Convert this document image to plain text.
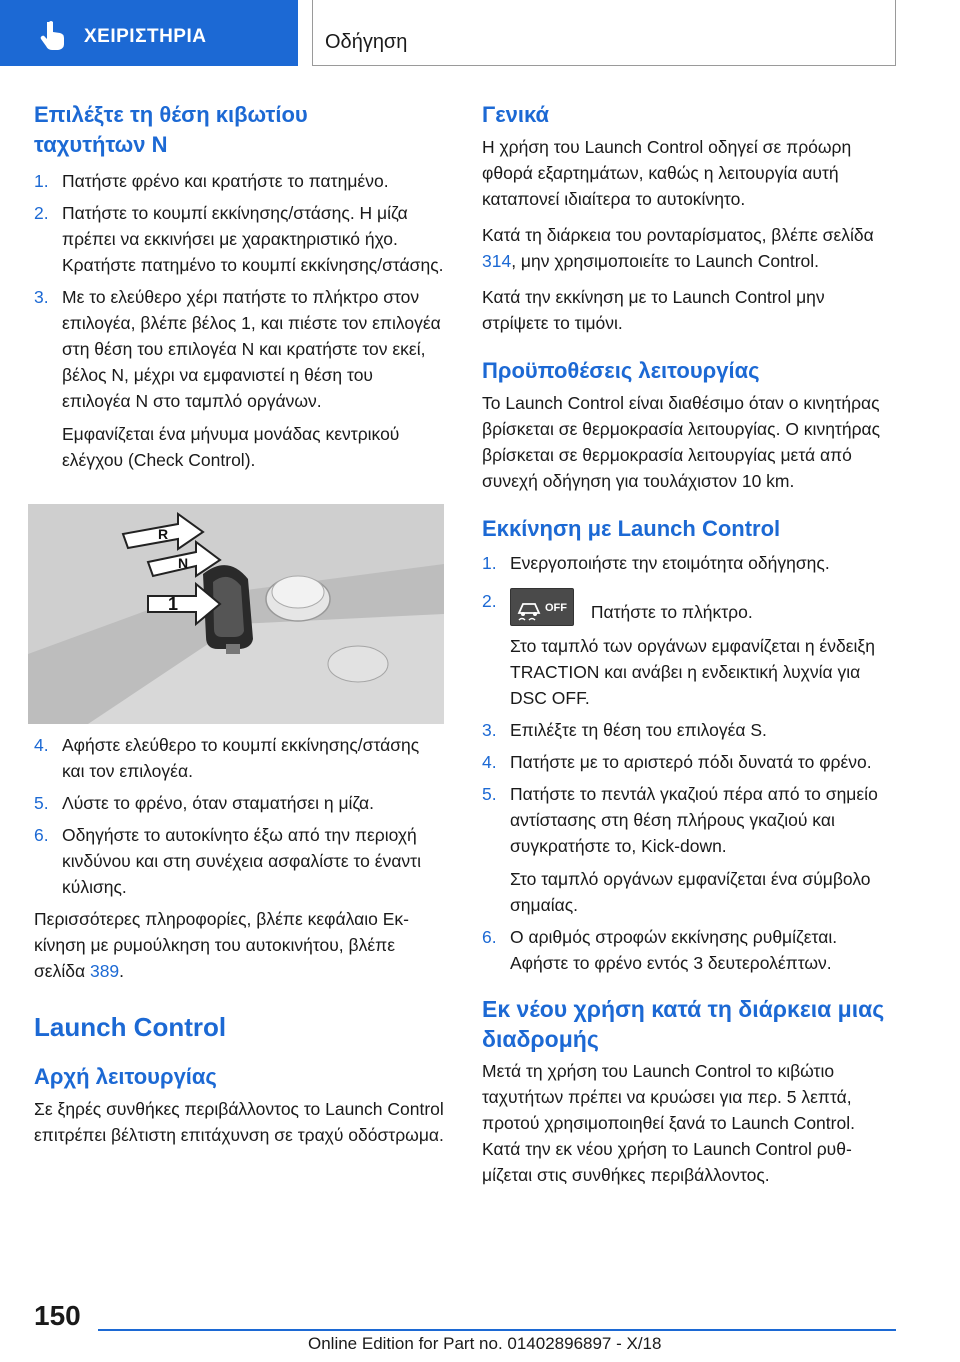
ΧΕΙΡΙΣΤΗΡΙΑ	Οδήγηση
Επιλέξτε τη θέση κιβωτίου ταχυτήτων N
1. Πατήστε φρένο και κρατήστε το πατημένο.
2. Πατήστε το κουμπί εκκίνησης/στάσης. Η μίζα πρέπει να εκκινήσει με χαρακτηριστικό ήχο. Κρατήστε πατημένο το κουμπί εκκίνησης/στάσης.
3. Με το ελεύθερο χέρι πατήστε το πλήκτρο στον επιλογέα, βλέπε βέλος 1, και πιέστε τον επιλογέα στη θέση του επιλογέα N και κρατήστε τον εκεί, βέλος N, μέχρι να εμφανιστεί η θέση του επιλογέα N στο ταμπλό οργάνων.
Εμφανίζεται ένα μήνυμα μονάδας κεντρικού ελέγχου (Check Control).
R
N
1
4. Αφήστε ελεύθερο το κουμπί εκκίνησης/στάσης και τον επιλογέα.
5. Λύστε το φρένο, όταν σταματήσει η μίζα.
6. Οδηγήστε το αυτοκίνητο έξω από την περιοχή κινδύνου και στη συνέχεια ασφαλίστε το έναντι κύλισης.

Περισσότερες πληροφορίες, βλέπε κεφάλαιο Εκκίνηση με ρυμούλκηση του αυτοκινήτου, βλέπε σελίδα 389.

Launch Control
Αρχή λειτουργίας

Σε ξηρές συνθήκες περιβάλλοντος το Launch Control επιτρέπει βέλτιστη επιτάχυνση σε τραχύ οδόστρωμα.

Γενικά

Η χρήση του Launch Control οδηγεί σε πρόωρη φθορά εξαρτημάτων, καθώς η λειτουργία αυτή καταπονεί ιδιαίτερα το αυτοκίνητο.

Κατά τη διάρκεια του ρονταρίσματος, βλέπε σελίδα 314, μην χρησιμοποιείτε το Launch Control.

Κατά την εκκίνηση με το Launch Control μην στρίψετε το τιμόνι.

Προϋποθέσεις λειτουργίας

Το Launch Control είναι διαθέσιμο όταν ο κινητήρας βρίσκεται σε θερμοκρασία λειτουργίας. Ο κινητήρας βρίσκεται σε θερμοκρασία λειτουργίας μετά από συνεχή οδήγηση για τουλάχιστον 10 km.

Εκκίνηση με Launch Control
1. Ενεργοποιήστε την ετοιμότητα οδήγησης.
2.	OFF Πατήστε το πλήκτρο.
Στο ταμπλό των οργάνων εμφανίζεται η ένδειξη TRACTION και ανάβει η ενδεικτική λυχνία για DSC OFF.
3. Επιλέξτε τη θέση του επιλογέα S.
4. Πατήστε με το αριστερό πόδι δυνατά το φρένο.
5. Πατήστε το πεντάλ γκαζιού πέρα από το σημείο αντίστασης στη θέση πλήρους γκαζιού και συγκρατήστε το, Kick-down.
Στο ταμπλό οργάνων εμφανίζεται ένα σύμβολο σημαίας.
6. Ο αριθμός στροφών εκκίνησης ρυθμίζεται. Αφήστε το φρένο εντός 3 δευτερολέπτων.
Εκ νέου χρήση κατά τη διάρκεια μιας διαδρομής

Μετά τη χρήση του Launch Control το κιβώτιο ταχυτήτων πρέπει να κρυώσει για περ. 5 λεπτά, προτού χρησιμοποιηθεί ξανά το Launch Control. Κατά την εκ νέου χρήση το Launch Control ρυθμίζεται στις συνθήκες περιβάλλοντος.

150
Online Edition for Part no. 01402896897 - X/18
